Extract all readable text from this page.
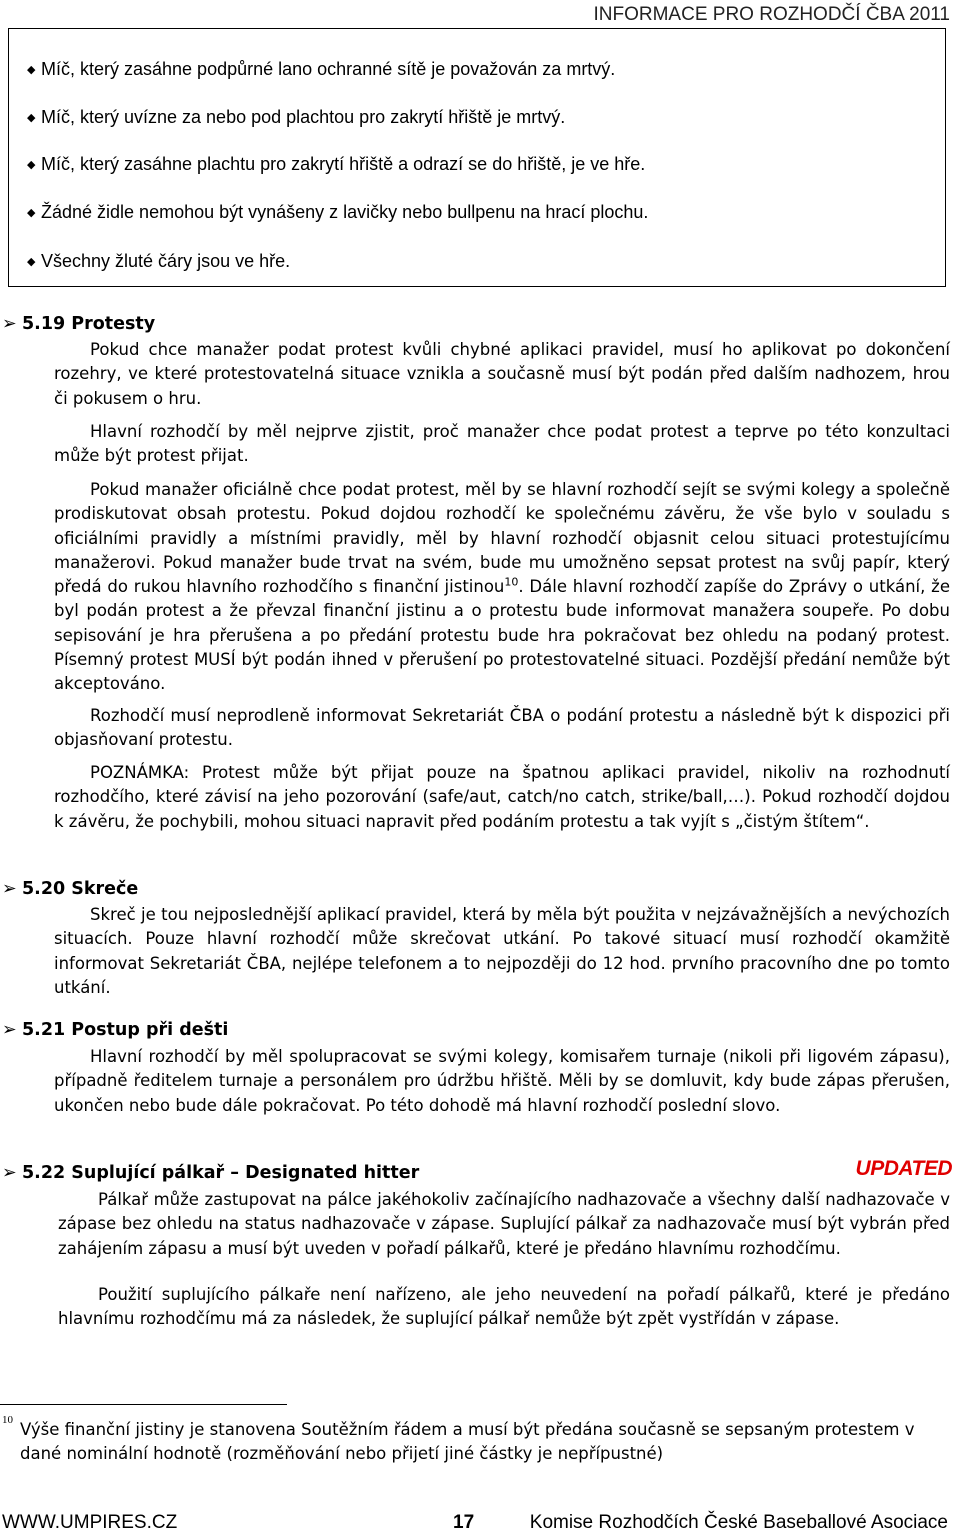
INFORMACE PRO ROZHODČÍ ČBA 2011
◆ Míč, který zasáhne podpůrné lano ochranné sítě je považován za mrtvý.
◆ Míč, který uvízne za nebo pod plachtou pro zakrytí hřiště je mrtvý.
◆ Míč, který zasáhne plachtu pro zakrytí hřiště a odrazí se do hřiště, je ve hře.
◆ Žádné židle nemohou být vynášeny z lavičky nebo bullpenu na hrací plochu.
◆ Všechny žluté čáry jsou ve hře.
➢ 5.19 Protesty
Pokud chce manažer podat protest kvůli chybné aplikaci pravidel, musí ho aplikovat po dokončení rozehry, ve které protestovatelná situace vznikla a současně musí být podán před dalším nadhozem, hrou či pokusem o hru.
Hlavní rozhodčí by měl nejprve zjistit, proč manažer chce podat protest a teprve po této konzultaci může být protest přijat.
Pokud manažer oficiálně chce podat protest, měl by se hlavní rozhodčí sejít se svými kolegy a společně prodiskutovat obsah protestu. Pokud dojdou rozhodčí ke společnému závěru, že vše bylo v souladu s oficiálními pravidly a místními pravidly, měl by hlavní rozhodčí objasnit celou situaci protestujícímu manažerovi. Pokud manažer bude trvat na svém, bude mu umožněno sepsat protest na svůj papír, který předá do rukou hlavního rozhodčího s finanční jistinou$^{10}$. Dále hlavní rozhodčí zapíše do Zprávy o utkání, že byl podán protest a že převzal finanční jistinu a o protestu bude informovat manažera soupeře. Po dobu sepisování je hra přerušena a po předání protestu bude hra pokračovat bez ohledu na podaný protest. Písemný protest MUSÍ být podán ihned v přerušení po protestovatelné situaci. Pozdější předání nemůže být akceptováno.
Rozhodčí musí neprodleně informovat Sekretariát ČBA o podání protestu a následně být k dispozici při objasňovaní protestu.
POZNÁMKA: Protest může být přijat pouze na špatnou aplikaci pravidel, nikoliv na rozhodnutí rozhodčího, které závisí na jeho pozorování (safe/aut, catch/no catch, strike/ball,…). Pokud rozhodčí dojdou k závěru, že pochybili, mohou situaci napravit před podáním protestu a tak vyjít s „čistým štítem“.
➢ 5.20 Skreče
Skreč je tou nejposlednější aplikací pravidel, která by měla být použita v nejzávažnějších a nevýchozích situacích. Pouze hlavní rozhodčí může skrečovat utkání. Po takové situací musí rozhodčí okamžitě informovat Sekretariát ČBA, nejlépe telefonem a to nejpozději do 12 hod. prvního pracovního dne po tomto utkání.
➢ 5.21 Postup při dešti
Hlavní rozhodčí by měl spolupracovat se svými kolegy, komisařem turnaje (nikoli při ligovém zápasu), případně ředitelem turnaje a personálem pro údržbu hřiště. Měli by se domluvit, kdy bude zápas přerušen, ukončen nebo bude dále pokračovat. Po této dohodě má hlavní rozhodčí poslední slovo.
➢ 5.22 Suplující pálkař – Designated hitter	UPDATED
Pálkař může zastupovat na pálce jakéhokoliv začínajícího nadhazovače a všechny další nadhazovače v zápase bez ohledu na status nadhazovače v zápase. Suplující pálkař za nadhazovače musí být vybrán před zahájením zápasu a musí být uveden v pořadí pálkařů, které je předáno hlavnímu rozhodčímu.
Použití suplujícího pálkaře není nařízeno, ale jeho neuvedení na pořadí pálkařů, které je předáno hlavnímu rozhodčímu má za následek, že suplující pálkař nemůže být zpět vystřídán v zápase.
10 Výše finanční jistiny je stanovena Soutěžním řádem a musí být předána současně se sepsaným protestem v dané nominální hodnotě (rozměňování nebo přijetí jiné částky je nepřípustné)
WWW.UMPIRES.CZ	17	Komise Rozhodčích České Baseballové Asociace
